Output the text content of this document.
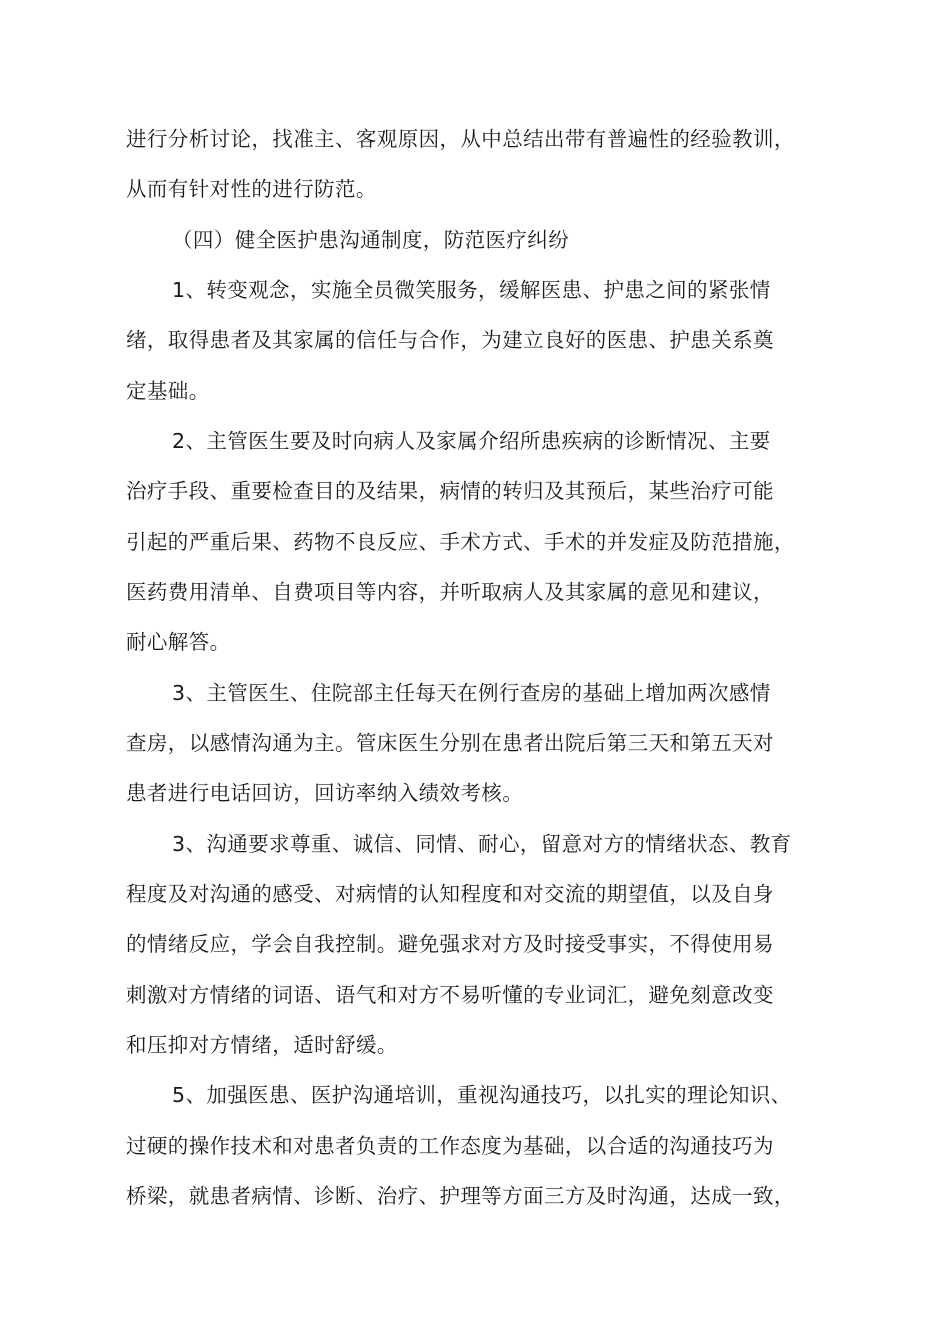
进行分析讨论，找准主、客观原因，从中总结出带有普遍性的经验教训，
从而有针对性的进行防范。
（四）健全医护患沟通制度，防范医疗纠纷
1、转变观念，实施全员微笑服务，缓解医患、护患之间的紧张情
绪，取得患者及其家属的信任与合作，为建立良好的医患、护患关系奠
定基础。
2、主管医生要及时向病人及家属介绍所患疾病的诊断情况、主要
治疗手段、重要检查目的及结果，病情的转归及其预后，某些治疗可能
引起的严重后果、药物不良反应、手术方式、手术的并发症及防范措施，
医药费用清单、自费项目等内容，并听取病人及其家属的意见和建议，
耐心解答。
3、主管医生、住院部主任每天在例行查房的基础上增加两次感情
查房，以感情沟通为主。管床医生分别在患者出院后第三天和第五天对
患者进行电话回访，回访率纳入绩效考核。
3、沟通要求尊重、诚信、同情、耐心，留意对方的情绪状态、教育
程度及对沟通的感受、对病情的认知程度和对交流的期望值，以及自身
的情绪反应，学会自我控制。避免强求对方及时接受事实，不得使用易
刺激对方情绪的词语、语气和对方不易听懂的专业词汇，避免刻意改变
和压抑对方情绪，适时舒缓。
5、加强医患、医护沟通培训，重视沟通技巧，以扎实的理论知识、
过硬的操作技术和对患者负责的工作态度为基础，以合适的沟通技巧为
桥梁，就患者病情、诊断、治疗、护理等方面三方及时沟通，达成一致，
